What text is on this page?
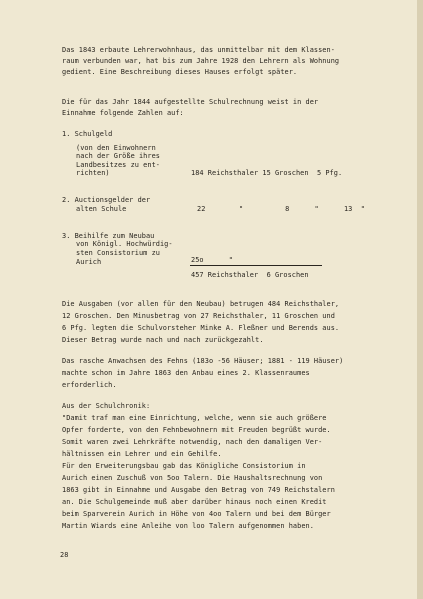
Das 1843 erbaute Lehrerwohnhaus, das unmittelbar mit dem Klassen-
raum verbunden war, hat bis zum Jahre 1928 den Lehrern als Wohnung
gedient. Eine Beschreibung dieses Hauses erfolgt später.
Die für das Jahr 1844 aufgestellte Schulrechnung weist in der
Einnahme folgende Zahlen auf:
1. Schulgeld
(von den Einwohnern
nach der Größe ihres
Landbesitzes zu ent-
richten)	184 Reichsthaler 15 Groschen  5 Pfg.
2. Auctionsgelder der
alten Schule	22        "          8      "      13  "
3. Beihilfe zum Neubau
von Königl. Hochwürdig-
sten Consistorium zu
Aurich	25o      "
457 Reichsthaler  6 Groschen
Die Ausgaben (vor allen für den Neubau) betrugen 484 Reichsthaler,
12 Groschen. Den Minusbetrag von 27 Reichsthaler, 11 Groschen und
6 Pfg. legten die Schulvorsteher Minke A. Fleßner und Berends aus.
Dieser Betrag wurde nach und nach zurückgezahlt.
Das rasche Anwachsen des Fehns (183o -56 Häuser; 1881 - 119 Häuser)
machte schon im Jahre 1863 den Anbau eines 2. Klassenraumes
erforderlich.
Aus der Schulchronik:
"Damit traf man eine Einrichtung, welche, wenn sie auch größere
Opfer forderte, von den Fehnbewohnern mit Freuden begrüßt wurde.
Somit waren zwei Lehrkräfte notwendig, nach den damaligen Ver-
hältnissen ein Lehrer und ein Gehilfe.
Für den Erweiterungsbau gab das Königliche Consistorium in
Aurich einen Zuschuß von 5oo Talern. Die Haushaltsrechnung von
1863 gibt in Einnahme und Ausgabe den Betrag von 749 Reichstalern
an. Die Schulgemeinde muß aber darüber hinaus noch einen Kredit
beim Sparverein Aurich in Höhe von 4oo Talern und bei dem Bürger
Martin Wiards eine Anleihe von loo Talern aufgenommen haben.
28
